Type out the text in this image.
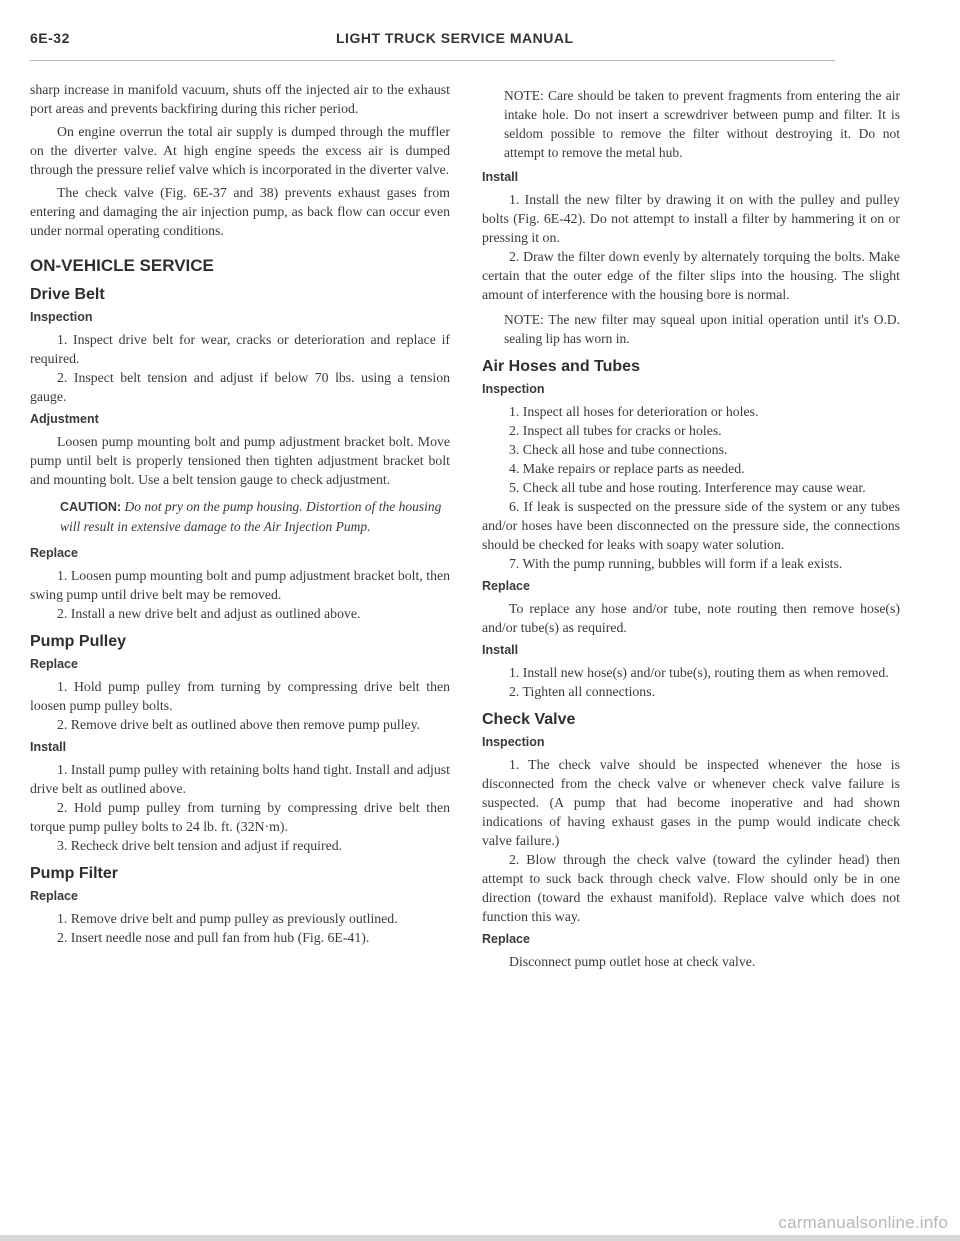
6E-32	LIGHT TRUCK SERVICE MANUAL

sharp increase in manifold vacuum, shuts off the injected air to the exhaust port areas and prevents backfiring during this richer period.

On engine overrun the total air supply is dumped through the muffler on the diverter valve. At high engine speeds the excess air is dumped through the pressure relief valve which is incorporated in the diverter valve.

The check valve (Fig. 6E-37 and 38) prevents exhaust gases from entering and damaging the air injection pump, as back flow can occur even under normal operating conditions.

ON-VEHICLE SERVICE
Drive Belt
Inspection

1. Inspect drive belt for wear, cracks or deterioration and replace if required.

2. Inspect belt tension and adjust if below 70 lbs. using a tension gauge.

Adjustment

Loosen pump mounting bolt and pump adjustment bracket bolt. Move pump until belt is properly tensioned then tighten adjustment bracket bolt and mounting bolt. Use a belt tension gauge to check adjustment.

CAUTION: Do not pry on the pump housing. Distortion of the housing will result in extensive damage to the Air Injection Pump.
Replace

1. Loosen pump mounting bolt and pump adjustment bracket bolt, then swing pump until drive belt may be removed.

2. Install a new drive belt and adjust as outlined above.

Pump Pulley
Replace

1. Hold pump pulley from turning by compressing drive belt then loosen pump pulley bolts.

2. Remove drive belt as outlined above then remove pump pulley.

Install

1. Install pump pulley with retaining bolts hand tight. Install and adjust drive belt as outlined above.

2. Hold pump pulley from turning by compressing drive belt then torque pump pulley bolts to 24 lb. ft. (32N·m).

3. Recheck drive belt tension and adjust if required.

Pump Filter
Replace

1. Remove drive belt and pump pulley as previously outlined.

2. Insert needle nose and pull fan from hub (Fig. 6E-41).

NOTE: Care should be taken to prevent fragments from entering the air intake hole. Do not insert a screwdriver between pump and filter. It is seldom possible to remove the filter without destroying it. Do not attempt to remove the metal hub.

Install

1. Install the new filter by drawing it on with the pulley and pulley bolts (Fig. 6E-42). Do not attempt to install a filter by hammering it on or pressing it on.

2. Draw the filter down evenly by alternately torquing the bolts. Make certain that the outer edge of the filter slips into the housing. The slight amount of interference with the housing bore is normal.

NOTE: The new filter may squeal upon initial operation until it's O.D. sealing lip has worn in.

Air Hoses and Tubes
Inspection

1. Inspect all hoses for deterioration or holes.

2. Inspect all tubes for cracks or holes.

3. Check all hose and tube connections.

4. Make repairs or replace parts as needed.

5. Check all tube and hose routing. Interference may cause wear.

6. If leak is suspected on the pressure side of the system or any tubes and/or hoses have been disconnected on the pressure side, the connections should be checked for leaks with soapy water solution.

7. With the pump running, bubbles will form if a leak exists.

Replace

To replace any hose and/or tube, note routing then remove hose(s) and/or tube(s) as required.

Install

1. Install new hose(s) and/or tube(s), routing them as when removed.

2. Tighten all connections.

Check Valve
Inspection

1. The check valve should be inspected whenever the hose is disconnected from the check valve or whenever check valve failure is suspected. (A pump that had become inoperative and had shown indications of having exhaust gases in the pump would indicate check valve failure.)

2. Blow through the check valve (toward the cylinder head) then attempt to suck back through check valve. Flow should only be in one direction (toward the exhaust manifold). Replace valve which does not function this way.

Replace

Disconnect pump outlet hose at check valve.

carmanualsonline.info
